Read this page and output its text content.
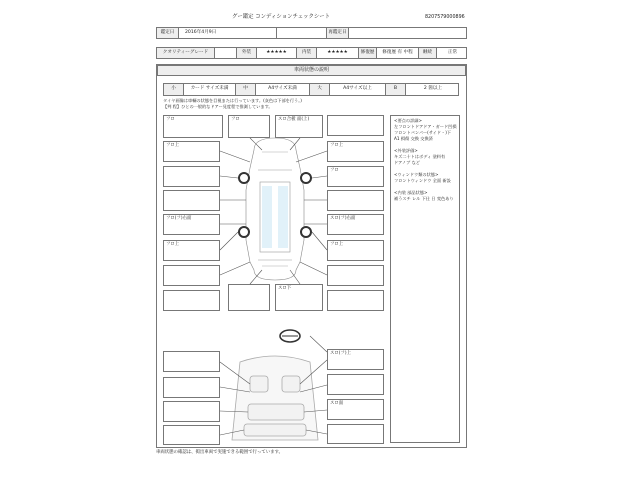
グー鑑定 コンディションチェックシート	8207579000896
鑑定日 2016年4月9日	再鑑定日
クオリティーグレード	外装	★★★★★	内装	★★★★★	修復歴 修復歴 有 中程 継続	正常
車両状態の説明
小	カード サイズ未満	中	A4サイズ未満	大	A4サイズ以上	B	2 箇以上
タイヤ画像は車輌の状態を目視または行っています。(灰色は下部を行う。)
【判 程】ひとの一般的なドアー見度程で推測しています。
フロ	フロ	スロ合板 面(上)
フロ上
フロ(フ)右面
フロ上
フロ上
フロ
スロ(フ)右面
フロ上
スロ下
<要点の詳細>
左フロントドアドア・ガード凹損
フロントバンパー(サイド・)下
A1 損傷 交換 交換済
<外装評価>
キズ二十トはボディ 塗料有
ドアノブ など
<ウィンドウ類の状態>
フロントウィンドウ 全面 新設
<内装 部品状態>
補うスチ レル 下仕 日 変色あり
スロ(フ)上
スロ面
車両状態の確認は、掲出車両で実施できる範囲で行っています。
